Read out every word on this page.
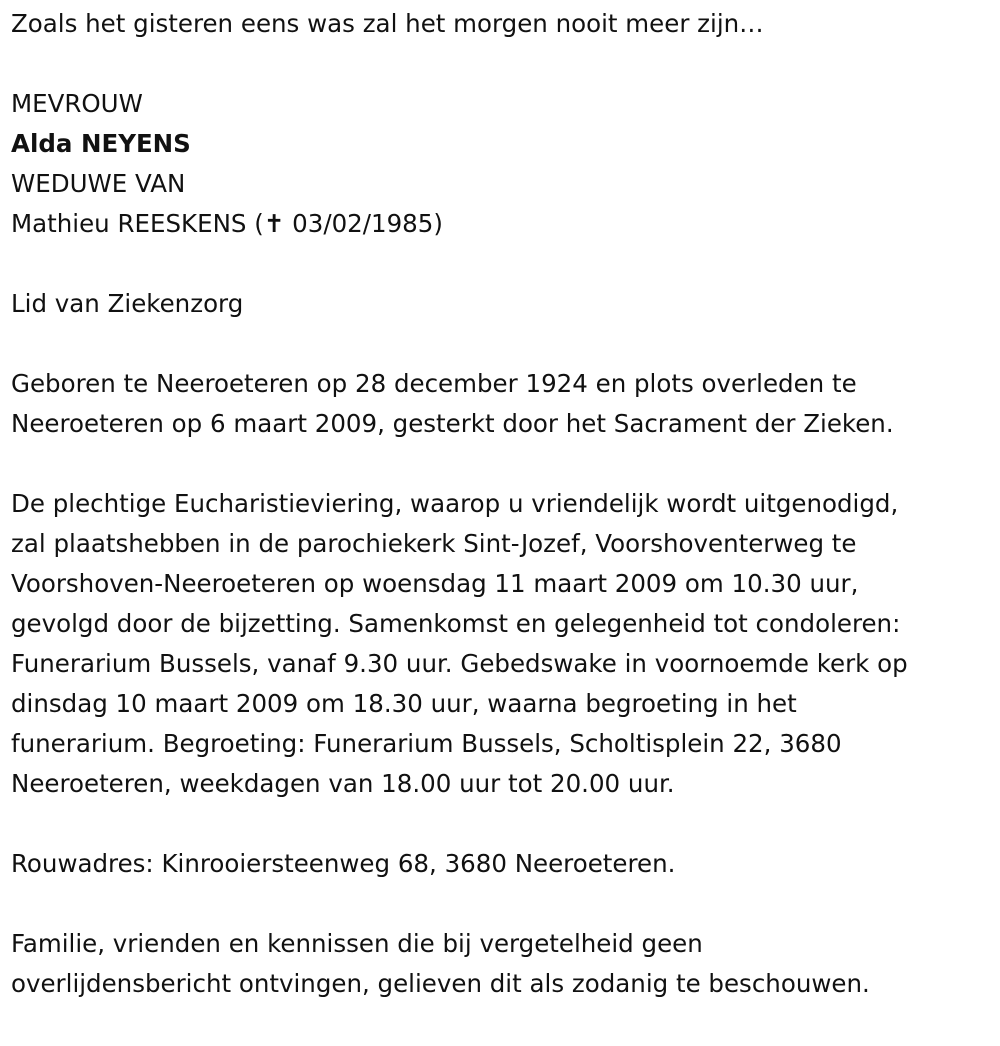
Zoals het gisteren eens was zal het morgen nooit meer zijn…
MEVROUW
Alda NEYENS
WEDUWE VAN
Mathieu REESKENS (✝ 03/02/1985)
Lid van Ziekenzorg
Geboren te Neeroeteren op 28 december 1924 en plots overleden te
Neeroeteren op 6 maart 2009, gesterkt door het Sacrament der Zieken.
De plechtige Eucharistieviering, waarop u vriendelijk wordt uitgenodigd,
zal plaatshebben in de parochiekerk Sint-Jozef, Voorshoventerweg te
Voorshoven-Neeroeteren op woensdag 11 maart 2009 om 10.30 uur,
gevolgd door de bijzetting. Samenkomst en gelegenheid tot condoleren:
Funerarium Bussels, vanaf 9.30 uur. Gebedswake in voornoemde kerk op
dinsdag 10 maart 2009 om 18.30 uur, waarna begroeting in het
funerarium. Begroeting: Funerarium Bussels, Scholtisplein 22, 3680
Neeroeteren, weekdagen van 18.00 uur tot 20.00 uur.
Rouwadres: Kinrooiersteenweg 68, 3680 Neeroeteren.
Familie, vrienden en kennissen die bij vergetelheid geen
overlijdensbericht ontvingen, gelieven dit als zodanig te beschouwen.
